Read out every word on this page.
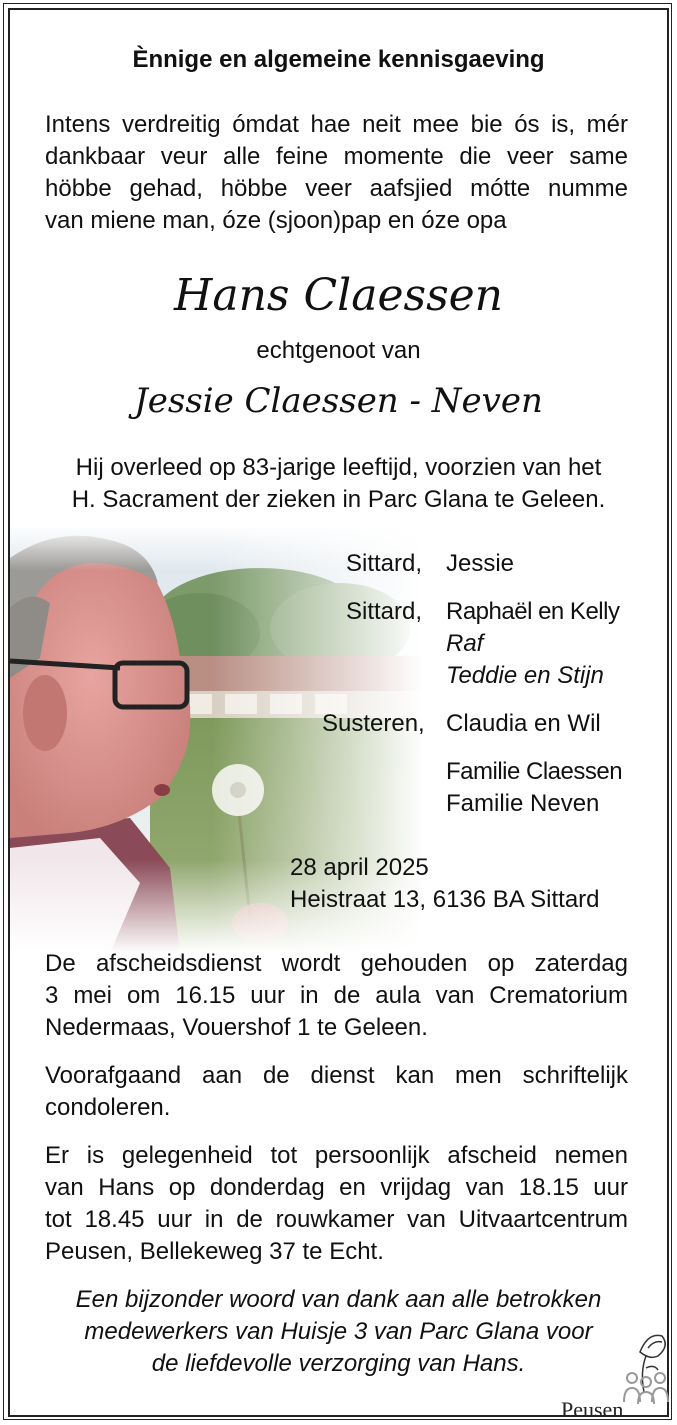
Ènnige en algemeine kennisgaeving
Intens verdreitig ómdat hae neit mee bie ós is, mér
dankbaar veur alle feine momente die veer same
höbbe gehad, höbbe veer aafsjied mótte numme
van miene man, óze (sjoon)pap en óze opa
Hans Claessen
echtgenoot van
Jessie Claessen - Neven
Hij overleed op 83-jarige leeftijd, voorzien van het
H. Sacrament der zieken in Parc Glana te Geleen.
Sittard, Jessie
Sittard, Raphaël en Kelly
Raf
Teddie en Stijn
Susteren, Claudia en Wil
Familie Claessen
Familie Neven
28 april 2025
Heistraat 13, 6136 BA Sittard
De afscheidsdienst wordt gehouden op zaterdag
3 mei om 16.15 uur in de aula van Crematorium
Nedermaas, Vouershof 1 te Geleen.
Voorafgaand aan de dienst kan men schriftelijk
condoleren.
Er is gelegenheid tot persoonlijk afscheid nemen
van Hans op donderdag en vrijdag van 18.15 uur
tot 18.45 uur in de rouwkamer van Uitvaartcentrum
Peusen, Bellekeweg 37 te Echt.
Een bijzonder woord van dank aan alle betrokken
medewerkers van Huisje 3 van Parc Glana voor
de liefdevolle verzorging van Hans.
Peusen
